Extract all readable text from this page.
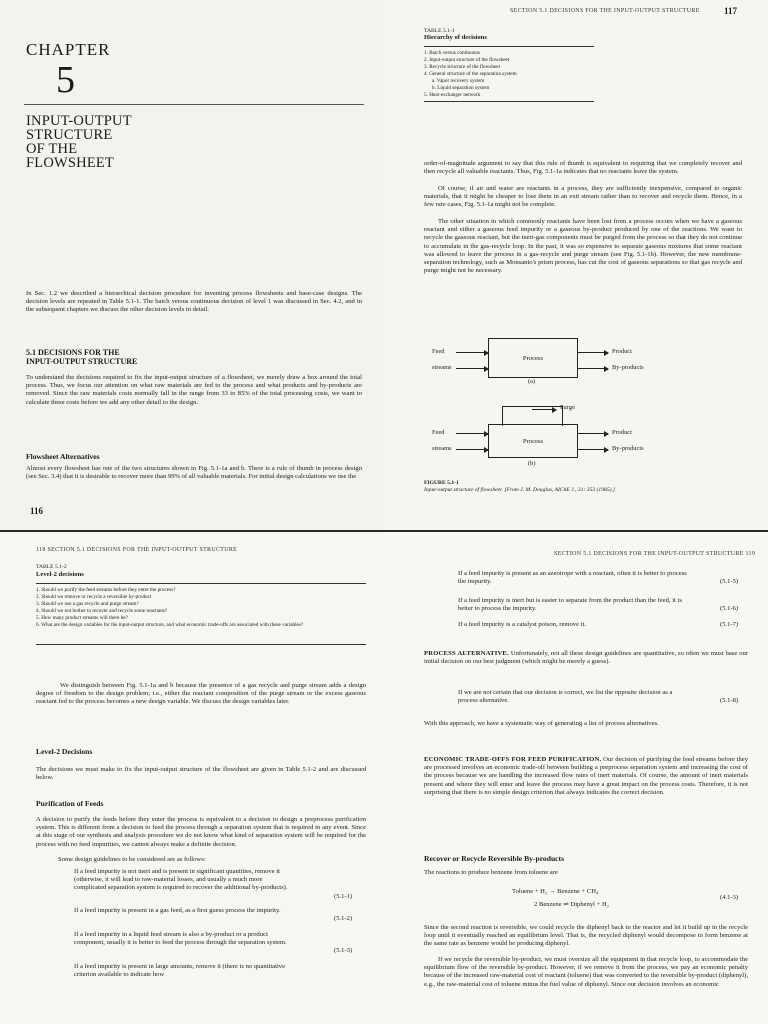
CHAPTER
5
INPUT-OUTPUT
STRUCTURE
OF THE
FLOWSHEET
In Sec. 1.2 we described a hierarchical decision procedure for inventing process flowsheets and base-case designs. The decision levels are repeated in Table 5.1-1. The batch versus continuous decision of level 1 was discussed in Sec. 4.2, and in the subsequent chapters we discuss the other decision levels in detail.
5.1 DECISIONS FOR THE
INPUT-OUTPUT STRUCTURE
To understand the decisions required to fix the input-output structure of a flowsheet, we merely draw a box around the total process. Thus, we focus our attention on what raw materials are fed to the process and what products and by-products are removed. Since the raw materials costs normally fall in the range from 33 to 85% of the total processing costs, we want to calculate these costs before we add any other detail to the design.
Flowsheet Alternatives
Almost every flowsheet has one of the two structures shown in Fig. 5.1-1a and b. There is a rule of thumb in process design (see Sec. 3.4) that it is desirable to recover more than 99% of all valuable materials. For initial design calculations we use the
116
SECTION 5.1 DECISIONS FOR THE INPUT-OUTPUT STRUCTURE	117
TABLE 5.1-1
Hierarchy of decisions
1. Batch versus continuous
2. Input-output structure of the flowsheet
3. Recycle structure of the flowsheet
4. General structure of the separation system
a. Vapor recovery system
b. Liquid separation system
5. Heat-exchanger network
order-of-magnitude argument to say that this rule of thumb is equivalent to requiring that we completely recover and then recycle all valuable reactants. Thus, Fig. 5.1-1a indicates that no reactants leave the system.
Of course, if air and water are reactants in a process, they are sufficiently inexpensive, compared to organic materials, that it might be cheaper to lose them in an exit stream rather than to recover and recycle them. Hence, in a few rare cases, Fig. 5.1-1a might not be complete.
The other situation in which commonly reactants have been lost from a process occurs when we have a gaseous reactant and either a gaseous feed impurity or a gaseous by-product produced by one of the reactions. We want to recycle the gaseous reactant, but the inert-gas components must be purged from the process so that they do not continue to accumulate in the gas-recycle loop. In the past, it was so expensive to separate gaseous mixtures that some reactant was allowed to leave the process in a gas-recycle and purge stream (see Fig. 5.1-1b). However, the new membrane-separation technology, such as Monsanto's prism process, has cut the cost of gaseous separations so that gas recycle and purge might not be necessary.
Feed
streams
Process
Product
By-products
(a)
Purge
Feed
streams
Process
Product
By-products
(b)
FIGURE 5.1-1
Input-output structure of flowsheet. [From J. M. Douglas, AIChE J., 31: 353 (1985).]
118 SECTION 5.1 DECISIONS FOR THE INPUT-OUTPUT STRUCTURE
TABLE 5.1-2
Level-2 decisions
1. Should we purify the feed streams before they enter the process?
2. Should we remove or recycle a reversible by-product
3. Should we use a gas recycle and purge stream?
4. Should we not bother to recover and recycle some reactants?
5. How many product streams will there be?
6. What are the design variables for the input-output structure, and what economic trade-offs are associated with these variables?
We distinguish between Fig. 5.1-1a and b because the presence of a gas recycle and purge stream adds a design degree of freedom to the design problem; i.e., either the reactant composition of the purge stream or the excess gaseous reactant fed to the process becomes a new design variable. We discuss the design variables later.
Level-2 Decisions
The decisions we must make to fix the input-output structure of the flowsheet are given in Table 5.1-2 and are discussed below.
Purification of Feeds
A decision to purify the feeds before they enter the process is equivalent to a decision to design a preprocess purification system. This is different from a decision to feed the process through a separation system that is required in any event. Since at this stage of our synthesis and analysis procedure we do not know what kind of separation system will be required for the process with no feed impurities, we cannot always make a definite decision.
Some design guidelines to be considered are as follows:
If a feed impurity is not inert and is present in significant quantities, remove it (otherwise, it will lead to raw-material losses, and usually a much more complicated separation system is required to recover the additional by-products).
(5.1-1)
If a feed impurity is present in a gas feed, as a first guess process the impurity.
(5.1-2)
If a feed impurity in a liquid feed stream is also a by-product or a product component, usually it is better to feed the process through the separation system.
(5.1-3)
If a feed impurity is present in large amounts, remove it (there is no quantitative criterion available to indicate how
SECTION 5.1 DECISIONS FOR THE INPUT-OUTPUT STRUCTURE 119
If a feed impurity is present as an azeotrope with a reactant, often it is better to process the impurity.	(5.1-5)
If a feed impurity is inert but is easier to separate from the product than the feed, it is better to process the impurity.	(5.1-6)
If a feed impurity is a catalyst poison, remove it.	(5.1-7)
PROCESS ALTERNATIVE. Unfortunately, not all these design guidelines are quantitative, so often we must base our initial decision on our best judgment (which might be merely a guess).
If we are not certain that our decision is correct, we list the opposite decision as a process alternative.	(5.1-8)
With this approach, we have a systematic way of generating a list of process alternatives.
ECONOMIC TRADE-OFFS FOR FEED PURIFICATION. Our decision of purifying the feed streams before they are processed involves an economic trade-off between building a preprocess separation system and increasing the cost of the process because we are handling the increased flow rates of inert materials. Of course, the amount of inert materials present and where they will enter and leave the process may have a great impact on the process costs. Therefore, it is not surprising that there is no simple design criterion that always indicates the correct decision.
Recover or Recycle Reversible By-products
The reactions to produce benzene from toluene are
Toluene + H₂ → Benzene + CH₄
2 Benzene ⇌ Diphenyl + H₂
(4.1-3)
Since the second reaction is reversible, we could recycle the diphenyl back to the reactor and let it build up in the recycle loop until it eventually reached an equilibrium level. That is, the recycled diphenyl would decompose to form benzene at the same rate as benzene would be producing diphenyl.
If we recycle the reversible by-product, we must oversize all the equipment in that recycle loop, to accommodate the equilibrium flow of the reversible by-product. However, if we remove it from the process, we pay an economic penalty because of the increased raw-material cost of reactant (toluene) that was converted to the reversible by-product (diphenyl), e.g., the raw-material cost of toluene minus the fuel value of diphenyl. Since our decision involves an economic
